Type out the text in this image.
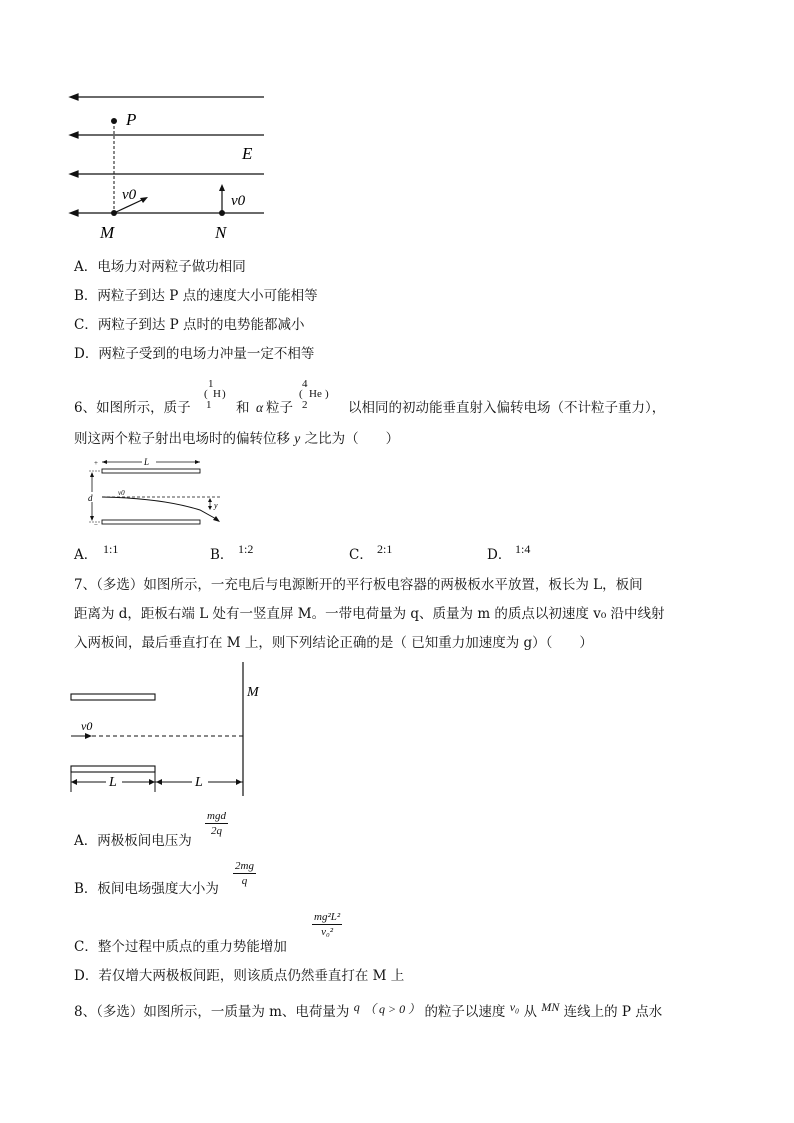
P
E
v0	v0
M	N
A．电场力对两粒子做功相同
B．两粒子到达 P 点的速度大小可能相等
C．两粒子到达 P 点时的电势能都减小
D．两粒子受到的电场力冲量一定不相等
6、如图所示，质子
1
( H )
1 和 α 粒子
4
( He )
2	以相同的初动能垂直射入偏转电场（不计粒子重力），
则这两个粒子射出电场时的偏转位移 y 之比为（　　）
+	L
d	v0
y
−
A． 1:1	B． 1:2	C． 2:1	D． 1:4
7、（多选）如图所示，一充电后与电源断开的平行板电容器的两极板水平放置，板长为 L，板间
距离为 d，距板右端 L 处有一竖直屏 M。一带电荷量为 q、质量为 m 的质点以初速度 v₀ 沿中线射
入两板间，最后垂直打在 M 上，则下列结论正确的是（ 已知重力加速度为 g）（　　）
M
v0
L	L
A．两极板间电压为
mgd
2q
B．板间电场强度大小为
$\frac{2mg}{q}$
C．整个过程中质点的重力势能增加
$\frac{\text{mg²L²}}{\text{v₀²}}$
D．若仅增大两极板间距，则该质点仍然垂直打在 M 上
8、（多选）如图所示，一质量为 m、电荷量为 q （ q > 0 ） 的粒子以速度 v₀ 从 MN 连线上的 P 点水
